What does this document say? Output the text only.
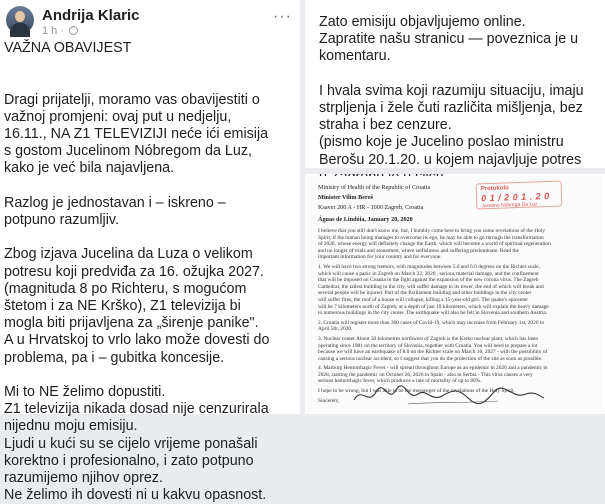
Andrija Klaric
1 h ·
···

VAŽNA OBAVIJEST

Dragi prijatelji, moramo vas obavijestiti o

važnoj promjeni: ovaj put u nedjelju,

16.11., NA Z1 TELEVIZIJI neće ići emisija

s gostom Jucelinom Nóbregom da Luz,

kako je već bila najavljena.

Razlog je jednostavan i – iskreno –

potpuno razumljiv.

Zbog izjava Jucelina da Luza o velikom

potresu koji predviđa za 16. ožujka 2027.

(magnituda 8 po Richteru, s mogućom

štetom i za NE Krško), Z1 televizija bi

mogla biti prijavljena za „širenje panike".

A u Hrvatskoj to vrlo lako može dovesti do

problema, pa i – gubitka koncesije.

Mi to NE želimo dopustiti.

Z1 televizija nikada dosad nije cenzurirala

nijednu moju emisiju.

Ljudi u kući su se cijelo vrijeme ponašali

korektno i profesionalno, i zato potpuno

razumijemo njihov oprez.

Ne želimo ih dovesti ni u kakvu opasnost.

Zato emisiju objavljujemo online.

Zapratite našu stranicu — poveznica je u

komentaru.

I hvala svima koji razumiju situaciju, imaju

strpljenja i žele čuti različita mišljenja, bez

straha i bez cenzure.

(pismo koje je Jucelino poslao ministru

Berošu 20.1.20. u kojem najavljuje potres

Ministry of Health of the Republic of Croatia
Minister Vilim Beroš
Ksaver 200 A - HR - 1000 Zagreb, Croatia
Águas de Lindóia, January 20, 2020
Protokolo
0 1 / 2 0 1 . 2 0
Jucelino Nóbrega Da Luz

I believe that you still don't know me, but, I humbly come here to bring you some revelations of the Holy

Spirit, if the human being manages to overcome its ego, he may be able to go through the transformation

of 2020, whose energy will definitely change the Earth, which will become a world of spiritual regeneration

and no longer of trials and atonement, where selfishness and suffering predominate. Read the

important information for your country and for everyone.

1. We will have two strong tremors, with magnitudes between 5.0 and 6.0 degrees on the Richter scale,

which will cause a panic in Zagreb on March 22, 2020 , serious material damage, and the confinement

that will be imposed on Croatia in the fight against the expansion of the new corona virus. The Zagreb

Cathedral, the tallest building in the city, will suffer damage to its tower, the end of which will break and

several people will be injured. Part of the Parliament building and other buildings in the city center

will suffer fires, the roof of a house will collapse, killing a 15-year-old girl. The quake's epicenter

will be 7 kilometers north of Zagreb, at a depth of just 10 kilometers, which will explain the heavy damage

to numerous buildings in the city center. The earthquake will also be felt in Slovenia and southern Austria.

2. Croatia will register more than 300 cases of Covid-19, which may increase from February 1st, 2020 to

April 5th, 2020.

3. Nuclear center About 50 kilometres northwest of Zagreb is the Krsko nuclear plant, which has been

operating since 1981 on the territory of Slovenia, together with Croatia. You will need to prepare a lot

because we will have an earthquake of 8.0 on the Richter scale on March 16, 2027 - with the possibility of

causing a serious nuclear accident, so I suggest that you do the protection of the site as soon as possible.

4. Marburg Hemorrhagic Fever - will spread throughout Europe as an epidemic in 2026 and a pandemic in

2028, starting the pandemic on October 26, 2026 in Spain - also in Serbia - This virus causes a very

serious hemorrhagic fever, which produces a rate of mortality of up to 80%.

I hope to be wrong, but I was able to be the messenger of the revelations of the Holy Spirit.

Sincerely,
